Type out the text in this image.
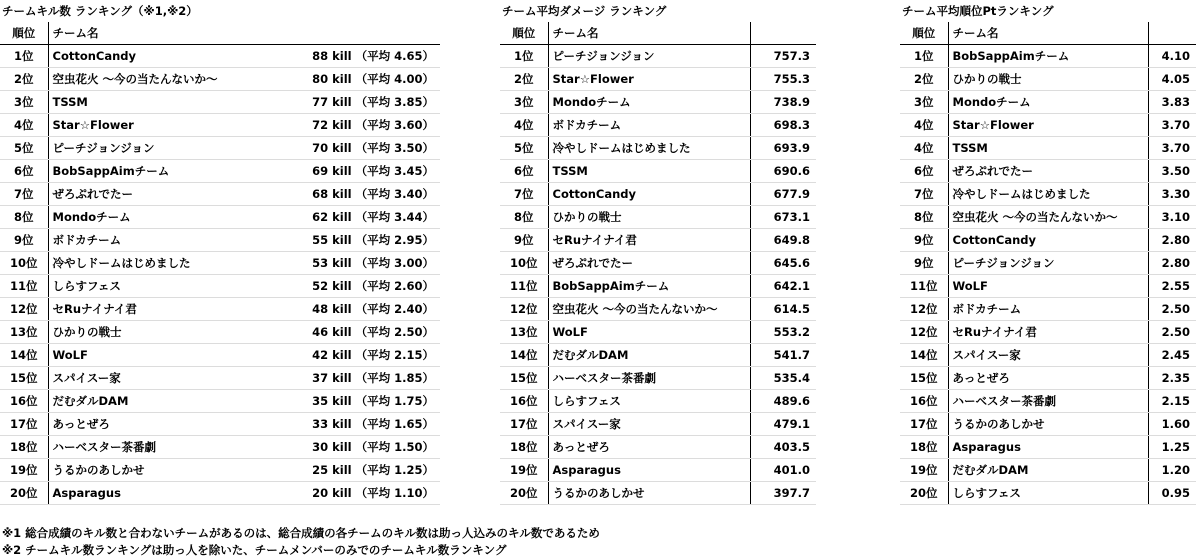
チームキル数 ランキング（※1,※2）
順位	チーム名	
1位	CottonCandy	88 kill （平均 4.65）
2位	空虫花火 ～今の当たんないか～	80 kill （平均 4.00）
3位	TSSM	77 kill （平均 3.85）
4位	Star☆Flower	72 kill （平均 3.60）
5位	ピーチジョンジョン	70 kill （平均 3.50）
6位	BobSappAimチーム	69 kill （平均 3.45）
7位	ぜろぷれでたー	68 kill （平均 3.40）
8位	Mondoチーム	62 kill （平均 3.44）
9位	ボドカチーム	55 kill （平均 2.95）
10位	冷やしドームはじめました	53 kill （平均 3.00）
11位	しらすフェス	52 kill （平均 2.60）
12位	セRuナイナイ君	48 kill （平均 2.40）
13位	ひかりの戦士	46 kill （平均 2.50）
14位	WoLF	42 kill （平均 2.15）
15位	スパイスー家	37 kill （平均 1.85）
16位	だむダルDAM	35 kill （平均 1.75）
17位	あっとぜろ	33 kill （平均 1.65）
18位	ハーベスター茶番劇	30 kill （平均 1.50）
19位	うるかのあしかせ	25 kill （平均 1.25）
20位	Asparagus	20 kill （平均 1.10）
チーム平均ダメージ ランキング
順位	チーム名	
1位	ピーチジョンジョン	757.3
2位	Star☆Flower	755.3
3位	Mondoチーム	738.9
4位	ボドカチーム	698.3
5位	冷やしドームはじめました	693.9
6位	TSSM	690.6
7位	CottonCandy	677.9
8位	ひかりの戦士	673.1
9位	セRuナイナイ君	649.8
10位	ぜろぷれでたー	645.6
11位	BobSappAimチーム	642.1
12位	空虫花火 ～今の当たんないか～	614.5
13位	WoLF	553.2
14位	だむダルDAM	541.7
15位	ハーベスター茶番劇	535.4
16位	しらすフェス	489.6
17位	スパイスー家	479.1
18位	あっとぜろ	403.5
19位	Asparagus	401.0
20位	うるかのあしかせ	397.7
チーム平均順位Ptランキング
順位	チーム名	
1位	BobSappAimチーム	4.10
2位	ひかりの戦士	4.05
3位	Mondoチーム	3.83
4位	Star☆Flower	3.70
4位	TSSM	3.70
6位	ぜろぷれでたー	3.50
7位	冷やしドームはじめました	3.30
8位	空虫花火 ～今の当たんないか～	3.10
9位	CottonCandy	2.80
9位	ピーチジョンジョン	2.80
11位	WoLF	2.55
12位	ボドカチーム	2.50
12位	セRuナイナイ君	2.50
14位	スパイスー家	2.45
15位	あっとぜろ	2.35
16位	ハーベスター茶番劇	2.15
17位	うるかのあしかせ	1.60
18位	Asparagus	1.25
19位	だむダルDAM	1.20
20位	しらすフェス	0.95
※1 総合成績のキル数と合わないチームがあるのは、総合成績の各チームのキル数は助っ人込みのキル数であるため
※2 チームキル数ランキングは助っ人を除いた、チームメンバーのみでのチームキル数ランキング
